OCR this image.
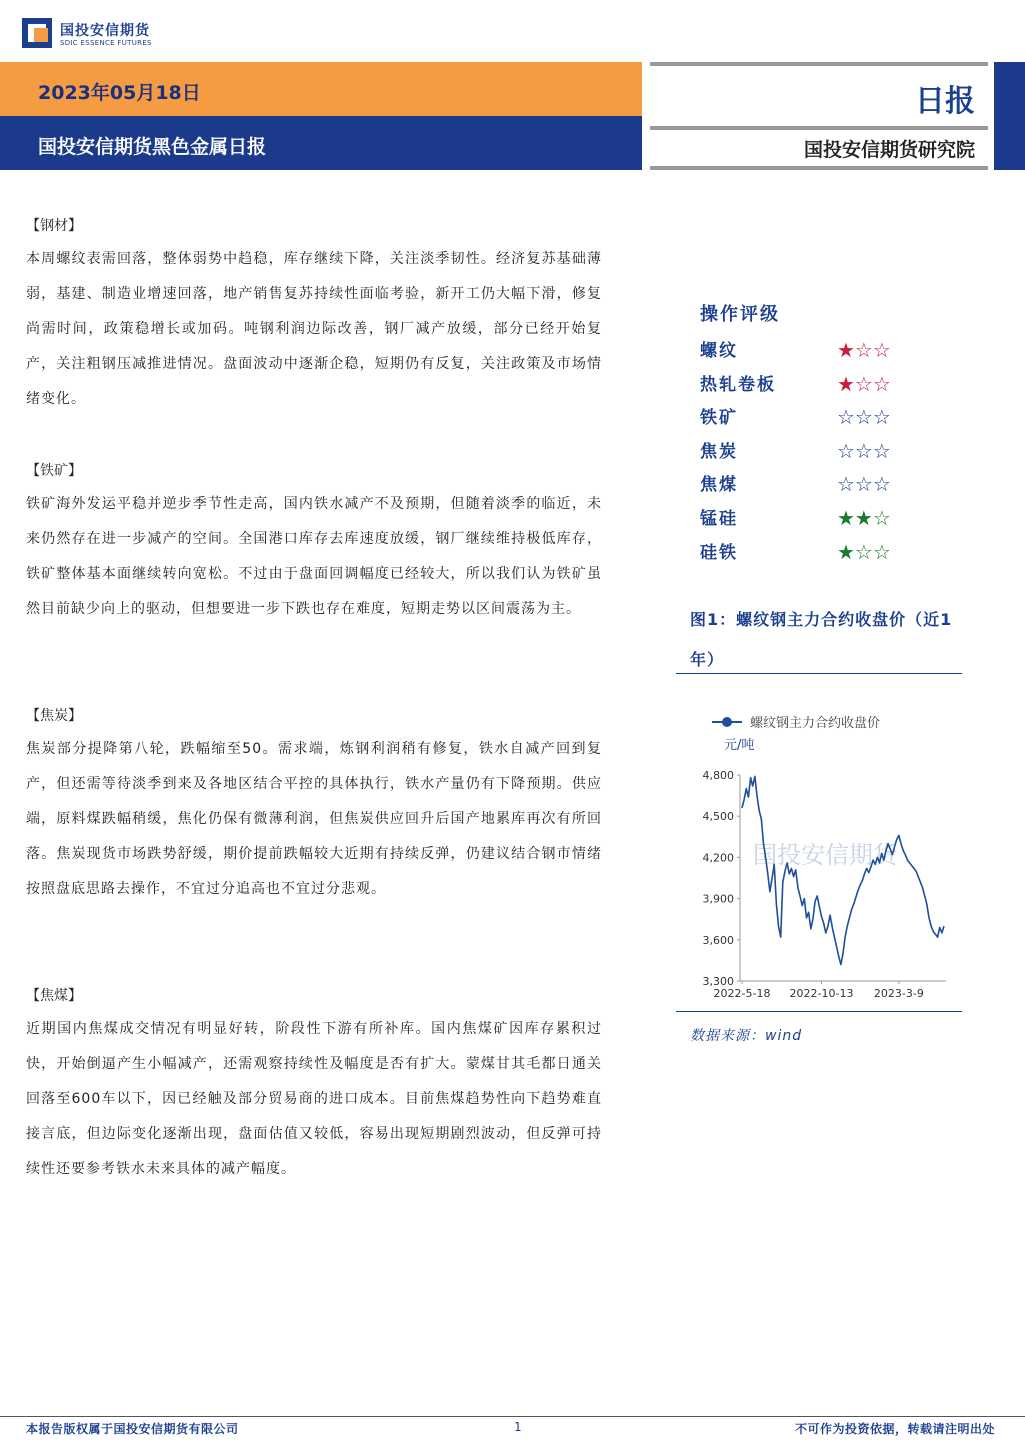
国投安信期货
SDIC ESSENCE FUTURES
2023年05月18日
国投安信期货黑色金属日报
日报
国投安信期货研究院
【钢材】

本周螺纹表需回落，整体弱势中趋稳，库存继续下降，关注淡季韧性。经济复苏基础薄弱，基建、制造业增速回落，地产销售复苏持续性面临考验，新开工仍大幅下滑，修复尚需时间，政策稳增长或加码。吨钢利润边际改善，钢厂减产放缓，部分已经开始复产，关注粗钢压减推进情况。盘面波动中逐渐企稳，短期仍有反复，关注政策及市场情绪变化。

【铁矿】

铁矿海外发运平稳并逆步季节性走高，国内铁水减产不及预期，但随着淡季的临近，未来仍然存在进一步减产的空间。全国港口库存去库速度放缓，钢厂继续维持极低库存，铁矿整体基本面继续转向宽松。不过由于盘面回调幅度已经较大，所以我们认为铁矿虽然目前缺少向上的驱动，但想要进一步下跌也存在难度，短期走势以区间震荡为主。

【焦炭】

焦炭部分提降第八轮，跌幅缩至50。需求端，炼钢利润稍有修复，铁水自减产回到复产，但还需等待淡季到来及各地区结合平控的具体执行，铁水产量仍有下降预期。供应端，原料煤跌幅稍缓，焦化仍保有微薄利润，但焦炭供应回升后国产地累库再次有所回落。焦炭现货市场跌势舒缓，期价提前跌幅较大近期有持续反弹，仍建议结合钢市情绪按照盘底思路去操作，不宜过分追高也不宜过分悲观。

【焦煤】

近期国内焦煤成交情况有明显好转，阶段性下游有所补库。国内焦煤矿因库存累积过快，开始倒逼产生小幅减产，还需观察持续性及幅度是否有扩大。蒙煤甘其毛都日通关回落至600车以下，因已经触及部分贸易商的进口成本。目前焦煤趋势性向下趋势难直接言底，但边际变化逐渐出现，盘面估值又较低，容易出现短期剧烈波动，但反弹可持续性还要参考铁水未来具体的减产幅度。

操作评级
螺纹	★☆☆
热轧卷板	★☆☆
铁矿	☆☆☆
焦炭	☆☆☆
焦煤	☆☆☆
锰硅	★★☆
硅铁	★☆☆
图1：螺纹钢主力合约收盘价（近1年）
国投安信期货
螺纹钢主力合约收盘价
元/吨
4,800
4,500
4,200
3,900
3,600
3,300
2022-5-18 2022-10-13 2023-3-9
数据来源：wind
本报告版权属于国投安信期货有限公司	1	不可作为投资依据，转载请注明出处
